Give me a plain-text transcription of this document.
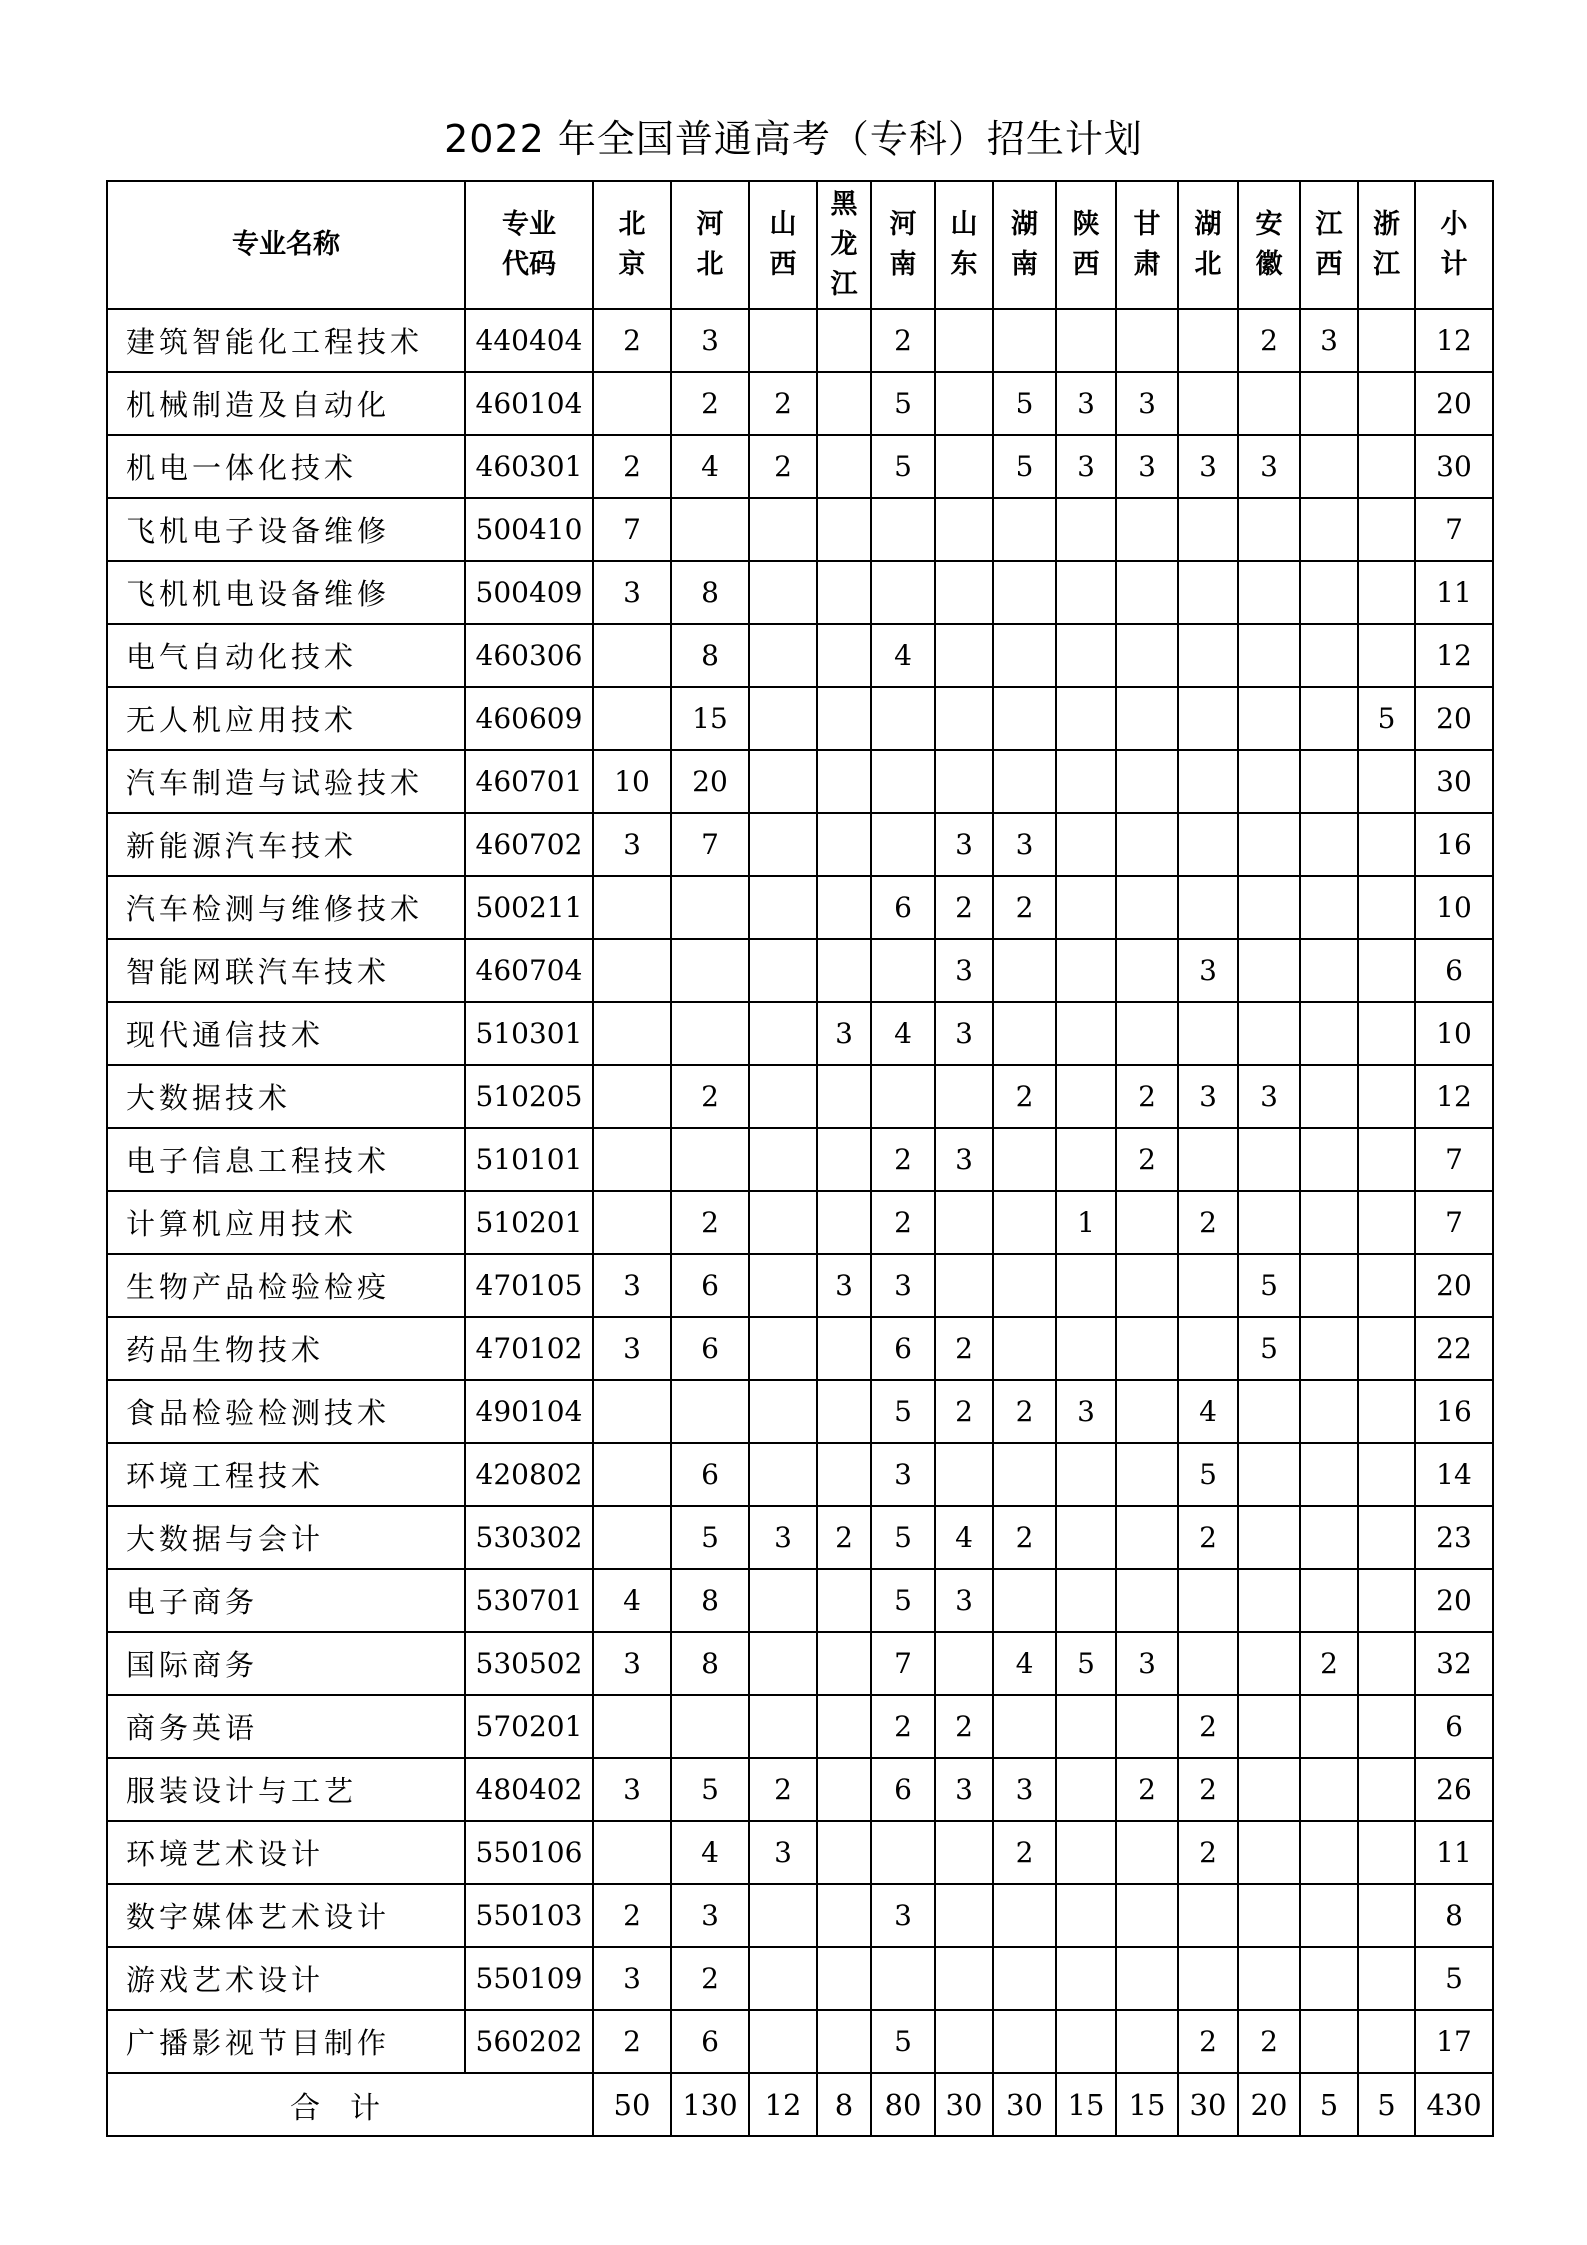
2022 年全国普通高考（专科）招生计划
专业名称	专业代码	北京	河北	山西	黑龙江	河南	山东	湖南	陕西	甘肃	湖北	安徽	江西	浙江	小计
建筑智能化工程技术	440404	2	3			2						2	3		12
机械制造及自动化	460104		2	2		5		5	3	3					20
机电一体化技术	460301	2	4	2		5		5	3	3	3	3			30
飞机电子设备维修	500410	7													7
飞机机电设备维修	500409	3	8												11
电气自动化技术	460306		8			4									12
无人机应用技术	460609		15											5	20
汽车制造与试验技术	460701	10	20												30
新能源汽车技术	460702	3	7				3	3							16
汽车检测与维修技术	500211					6	2	2							10
智能网联汽车技术	460704						3				3				6
现代通信技术	510301				3	4	3								10
大数据技术	510205		2					2		2	3	3			12
电子信息工程技术	510101					2	3			2					7
计算机应用技术	510201		2			2			1		2				7
生物产品检验检疫	470105	3	6		3	3						5			20
药品生物技术	470102	3	6			6	2					5			22
食品检验检测技术	490104					5	2	2	3		4				16
环境工程技术	420802		6			3					5				14
大数据与会计	530302		5	3	2	5	4	2			2				23
电子商务	530701	4	8			5	3								20
国际商务	530502	3	8			7		4	5	3			2		32
商务英语	570201					2	2				2				6
服装设计与工艺	480402	3	5	2		6	3	3		2	2				26
环境艺术设计	550106		4	3				2			2				11
数字媒体艺术设计	550103	2	3			3									8
游戏艺术设计	550109	3	2												5
广播影视节目制作	560202	2	6			5					2	2			17
合计		50	130	12	8	80	30	30	15	15	30	20	5	5	430
